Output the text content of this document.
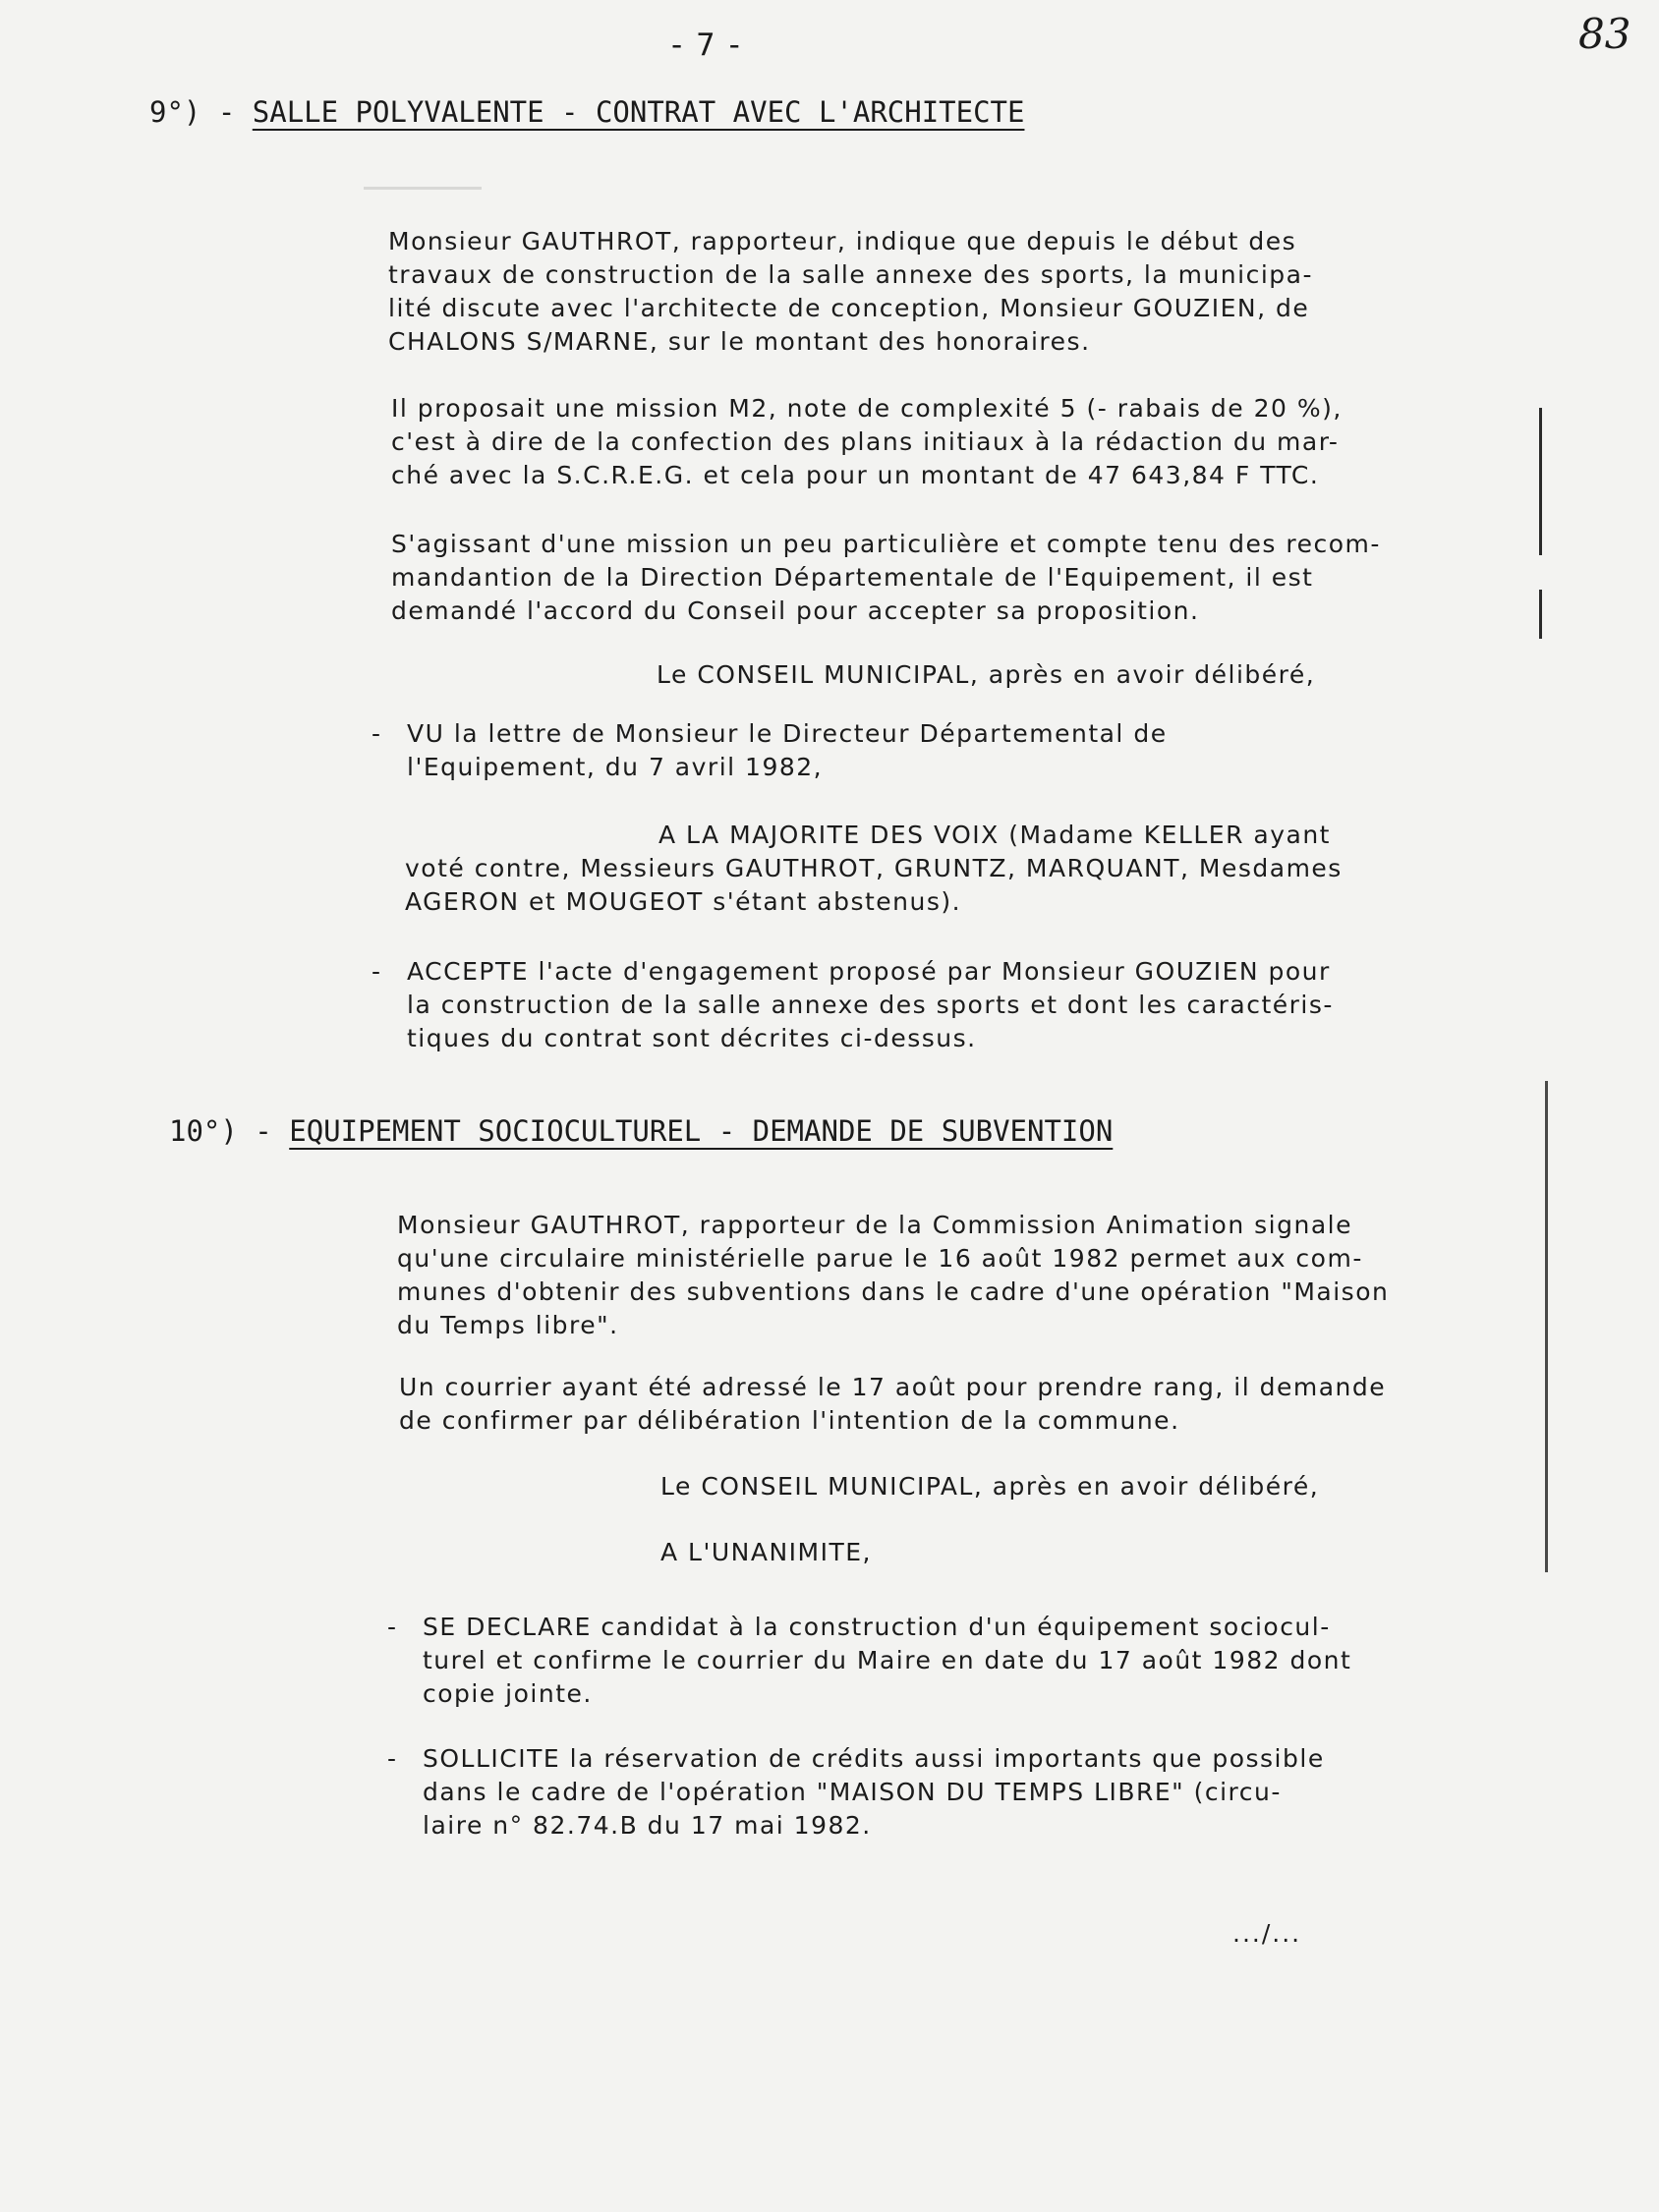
- 7 -	83
9°) - SALLE POLYVALENTE - CONTRAT AVEC L'ARCHITECTE
Monsieur GAUTHROT, rapporteur, indique que depuis le début des
travaux de construction de la salle annexe des sports, la municipa-
lité discute avec l'architecte de conception, Monsieur GOUZIEN, de
CHALONS S/MARNE, sur le montant des honoraires.
Il proposait une mission M2, note de complexité 5 (- rabais de 20 %),
c'est à dire de la confection des plans initiaux à la rédaction du mar-
ché avec la S.C.R.E.G. et cela pour un montant de 47 643,84 F TTC.
S'agissant d'une mission un peu particulière et compte tenu des recom-
mandantion de la Direction Départementale de l'Equipement, il est
demandé l'accord du Conseil pour accepter sa proposition.
Le CONSEIL MUNICIPAL, après en avoir délibéré,
- VU la lettre de Monsieur le Directeur Départemental de
l'Equipement, du 7 avril 1982,
A LA MAJORITE DES VOIX (Madame KELLER ayant
voté contre, Messieurs GAUTHROT, GRUNTZ, MARQUANT, Mesdames
AGERON et MOUGEOT s'étant abstenus).
- ACCEPTE l'acte d'engagement proposé par Monsieur GOUZIEN pour
la construction de la salle annexe des sports et dont les caractéris-
tiques du contrat sont décrites ci-dessus.
10°) - EQUIPEMENT SOCIOCULTUREL - DEMANDE DE SUBVENTION
Monsieur GAUTHROT, rapporteur de la Commission Animation signale
qu'une circulaire ministérielle parue le 16 août 1982 permet aux com-
munes d'obtenir des subventions dans le cadre d'une opération "Maison
du Temps libre".
Un courrier ayant été adressé le 17 août pour prendre rang, il demande
de confirmer par délibération l'intention de la commune.
Le CONSEIL MUNICIPAL, après en avoir délibéré,
A L'UNANIMITE,
- SE DECLARE candidat à la construction d'un équipement sociocul-
turel et confirme le courrier du Maire en date du 17 août 1982 dont
copie jointe.
- SOLLICITE la réservation de crédits aussi importants que possible
dans le cadre de l'opération "MAISON DU TEMPS LIBRE" (circu-
laire n° 82.74.B du 17 mai 1982.
.../...
